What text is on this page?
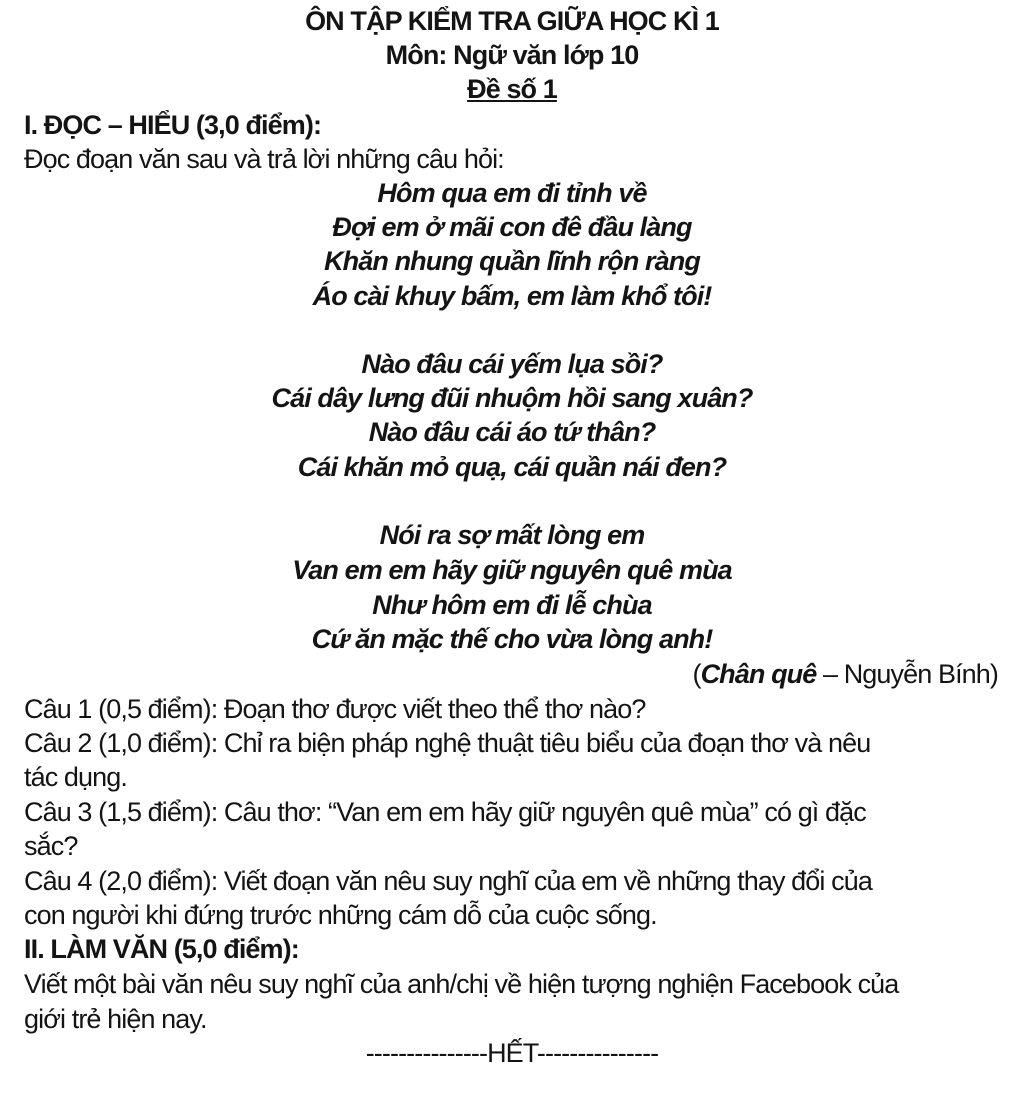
ÔN TẬP KIỂM TRA GIỮA HỌC KÌ 1
Môn: Ngữ văn lớp 10
Đề số 1
I. ĐỌC – HIỂU (3,0 điểm):
Đọc đoạn văn sau và trả lời những câu hỏi:
Hôm qua em đi tỉnh về
Đợi em ở mãi con đê đầu làng
Khăn nhung quần lĩnh rộn ràng
Áo cài khuy bấm, em làm khổ tôi!
Nào đâu cái yếm lụa sồi?
Cái dây lưng đũi nhuộm hồi sang xuân?
Nào đâu cái áo tứ thân?
Cái khăn mỏ quạ, cái quần nái đen?
Nói ra sợ mất lòng em
Van em em hãy giữ nguyên quê mùa
Như hôm em đi lễ chùa
Cứ ăn mặc thế cho vừa lòng anh!
(Chân quê – Nguyễn Bính)
Câu 1 (0,5 điểm): Đoạn thơ được viết theo thể thơ nào?
Câu 2 (1,0 điểm): Chỉ ra biện pháp nghệ thuật tiêu biểu của đoạn thơ và nêu
tác dụng.
Câu 3 (1,5 điểm): Câu thơ: “Van em em hãy giữ nguyên quê mùa” có gì đặc
sắc?
Câu 4 (2,0 điểm): Viết đoạn văn nêu suy nghĩ của em về những thay đổi của
con người khi đứng trước những cám dỗ của cuộc sống.
II. LÀM VĂN (5,0 điểm):
Viết một bài văn nêu suy nghĩ của anh/chị về hiện tượng nghiện Facebook của
giới trẻ hiện nay.
---------------HẾT---------------
